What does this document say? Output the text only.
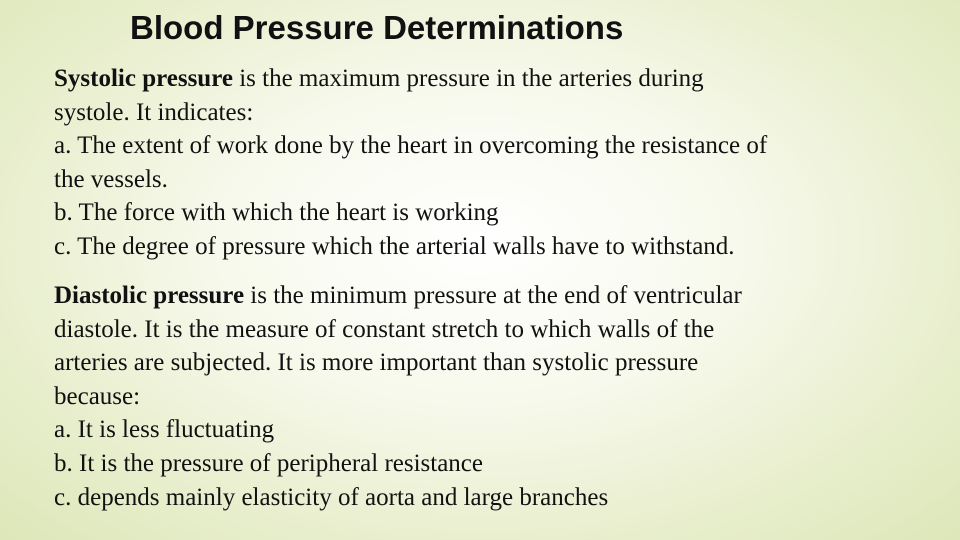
Blood Pressure Determinations
Systolic pressure is the maximum pressure in the arteries during
systole. It indicates:
a. The extent of work done by the heart in overcoming the resistance of
the vessels.
b. The force with which the heart is working
c. The degree of pressure which the arterial walls have to withstand.
Diastolic pressure is the minimum pressure at the end of ventricular
diastole. It is the measure of constant stretch to which walls of the
arteries are subjected. It is more important than systolic pressure
because:
a. It is less fluctuating
b. It is the pressure of peripheral resistance
c. depends mainly elasticity of aorta and large branches
